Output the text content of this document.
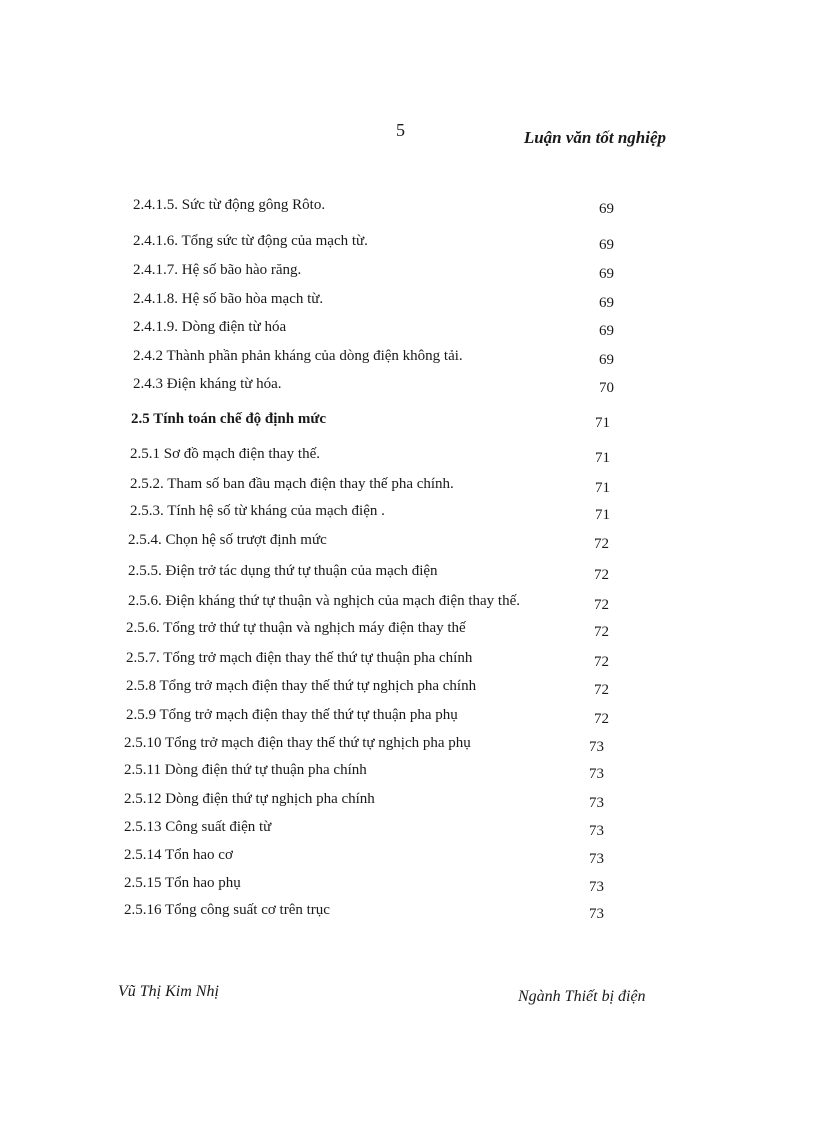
5	Luận văn tốt nghiệp
2.4.1.5. Sức từ động gông Rôto.	69
2.4.1.6. Tổng sức từ động của mạch từ.	69
2.4.1.7. Hệ số bão hào răng.	69
2.4.1.8. Hệ số bão hòa mạch từ.	69
2.4.1.9. Dòng điện từ hóa	69
2.4.2 Thành phần phản kháng của dòng điện không tải.	69
2.4.3 Điện kháng từ hóa.	70
2.5 Tính toán chế độ định mức	71
2.5.1 Sơ đồ mạch điện thay thế.	71
2.5.2. Tham số ban đầu mạch điện thay thế pha chính.	71
2.5.3. Tính hệ số từ kháng của mạch điện .	71
2.5.4. Chọn hệ số trượt định mức	72
2.5.5. Điện trở tác dụng thứ tự thuận của mạch điện	72
2.5.6. Điện kháng thứ tự thuận và nghịch của mạch điện thay thế.	72
2.5.6. Tổng trở thứ tự thuận và nghịch máy điện thay thế	72
2.5.7. Tổng trở mạch điện thay thế thứ tự thuận pha chính	72
2.5.8 Tổng trở mạch điện thay thế thứ tự nghịch pha chính	72
2.5.9 Tổng trở mạch điện thay thế thứ tự thuận pha phụ	72
2.5.10 Tổng trở mạch điện thay thế thứ tự nghịch pha phụ	73
2.5.11 Dòng điện thứ tự thuận pha chính	73
2.5.12 Dòng điện thứ tự nghịch pha chính	73
2.5.13 Công suất điện từ	73
2.5.14 Tổn hao cơ	73
2.5.15 Tổn hao phụ	73
2.5.16 Tổng công suất cơ trên trục	73
Vũ Thị Kim Nhị	Ngành Thiết bị điện
